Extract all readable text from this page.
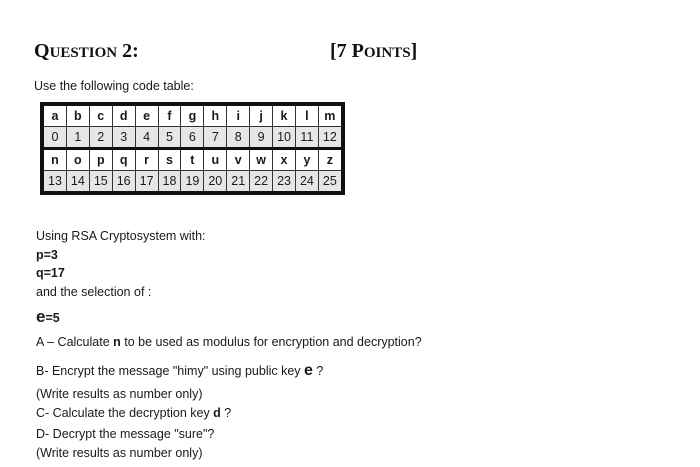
QUESTION 2:	[7 POINTS]
Use the following code table:
a	b	c	d	e	f	g	h	i	j	k	l	m
0	1	2	3	4	5	6	7	8	9	10	11	12
n	o	p	q	r	s	t	u	v	w	x	y	z
13	14	15	16	17	18	19	20	21	22	23	24	25
Using RSA Cryptosystem with:
p=3
q=17
and the selection of :
e=5
A – Calculate n to be used as modulus for encryption and decryption?
B- Encrypt the message "himy" using public key e ?
(Write results as number only)
C- Calculate the decryption key d ?
D- Decrypt the message "sure"?
(Write results as number only)
